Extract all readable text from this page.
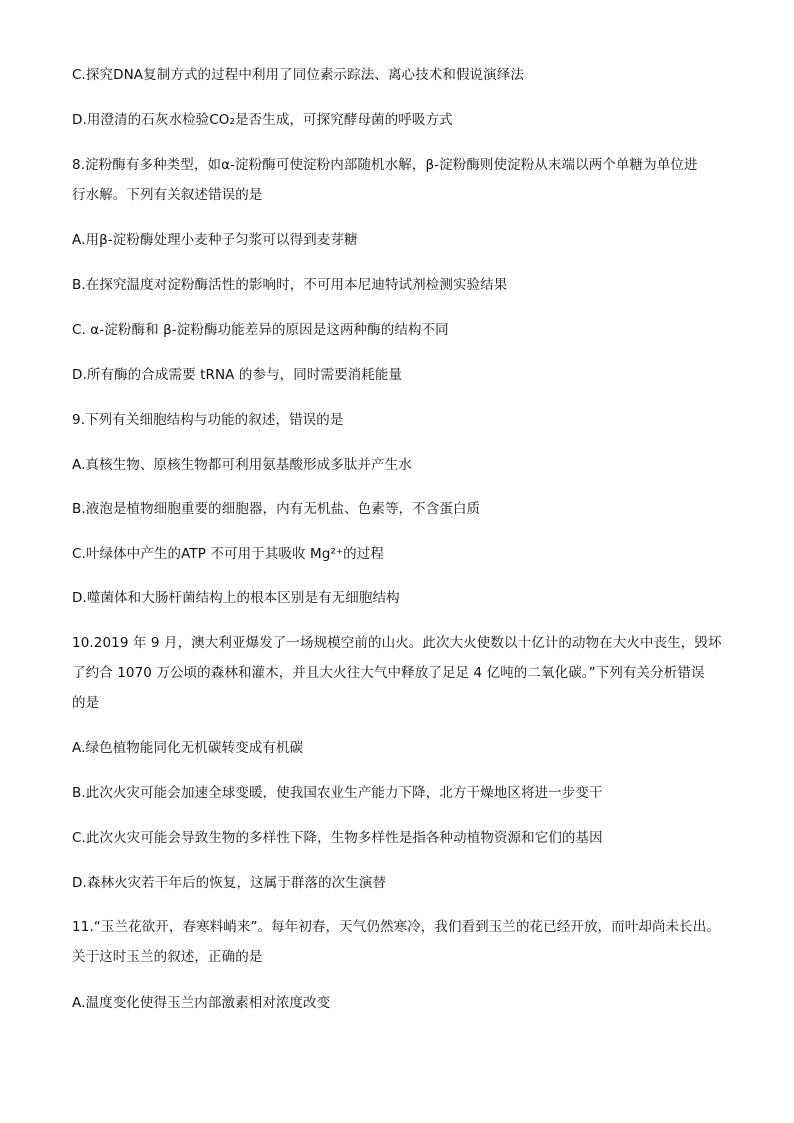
C.探究DNA复制方式的过程中利用了同位素示踪法、离心技术和假说演绎法
D.用澄清的石灰水检验CO₂是否生成，可探究酵母菌的呼吸方式
8.淀粉酶有多种类型，如α-淀粉酶可使淀粉内部随机水解，β-淀粉酶则使淀粉从末端以两个单糖为单位进
行水解。下列有关叙述错误的是
A.用β-淀粉酶处理小麦种子匀浆可以得到麦芽糖
B.在探究温度对淀粉酶活性的影响时，不可用本尼迪特试剂检测实验结果
C. α-淀粉酶和 β-淀粉酶功能差异的原因是这两种酶的结构不同
D.所有酶的合成需要 tRNA 的参与，同时需要消耗能量
9.下列有关细胞结构与功能的叙述，错误的是
A.真核生物、原核生物都可利用氨基酸形成多肽并产生水
B.液泡是植物细胞重要的细胞器，内有无机盐、色素等，不含蛋白质
C.叶绿体中产生的ATP 不可用于其吸收 Mg²⁺的过程
D.噬菌体和大肠杆菌结构上的根本区别是有无细胞结构
10.2019 年 9 月，澳大利亚爆发了一场规模空前的山火。此次大火使数以十亿计的动物在大火中丧生，毁坏
了约合 1070 万公顷的森林和灌木，并且大火往大气中释放了足足 4 亿吨的二氧化碳。”下列有关分析错误
的是
A.绿色植物能同化无机碳转变成有机碳
B.此次火灾可能会加速全球变暖，使我国农业生产能力下降，北方干燥地区将进一步变干
C.此次火灾可能会导致生物的多样性下降，生物多样性是指各种动植物资源和它们的基因
D.森林火灾若干年后的恢复，这属于群落的次生演替
11.“玉兰花欲开，春寒料峭来”。每年初春，天气仍然寒冷，我们看到玉兰的花已经开放，而叶却尚未长出。
关于这时玉兰的叙述，正确的是
A.温度变化使得玉兰内部激素相对浓度改变
